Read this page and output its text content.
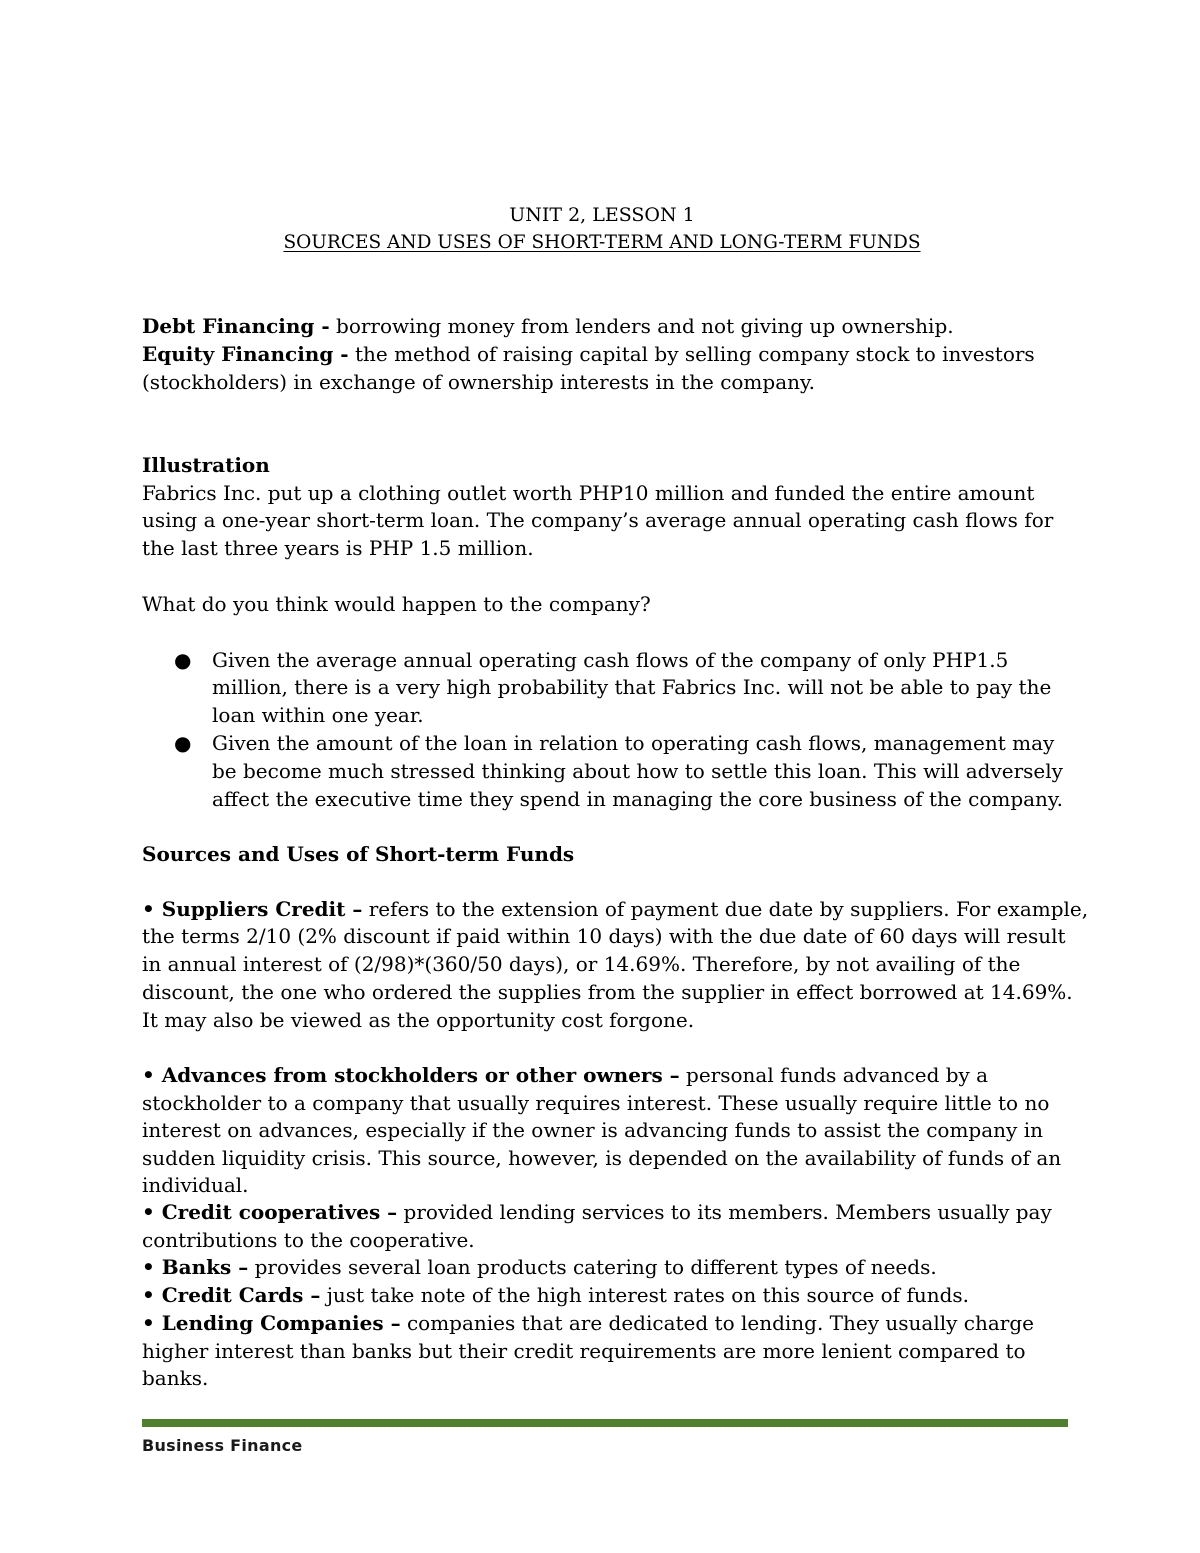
UNIT 2, LESSON 1
SOURCES AND USES OF SHORT-TERM AND LONG-TERM FUNDS
Debt Financing - borrowing money from lenders and not giving up ownership.
Equity Financing - the method of raising capital by selling company stock to investors
(stockholders) in exchange of ownership interests in the company.
Illustration
Fabrics Inc. put up a clothing outlet worth PHP10 million and funded the entire amount
using a one-year short-term loan. The company’s average annual operating cash flows for
the last three years is PHP 1.5 million.
What do you think would happen to the company?
● Given the average annual operating cash flows of the company of only PHP1.5
million, there is a very high probability that Fabrics Inc. will not be able to pay the
loan within one year.
● Given the amount of the loan in relation to operating cash flows, management may
be become much stressed thinking about how to settle this loan. This will adversely
affect the executive time they spend in managing the core business of the company.
Sources and Uses of Short-term Funds
• Suppliers Credit – refers to the extension of payment due date by suppliers. For example,
the terms 2/10 (2% discount if paid within 10 days) with the due date of 60 days will result
in annual interest of (2/98)*(360/50 days), or 14.69%. Therefore, by not availing of the
discount, the one who ordered the supplies from the supplier in effect borrowed at 14.69%.
It may also be viewed as the opportunity cost forgone.
• Advances from stockholders or other owners – personal funds advanced by a
stockholder to a company that usually requires interest. These usually require little to no
interest on advances, especially if the owner is advancing funds to assist the company in
sudden liquidity crisis. This source, however, is depended on the availability of funds of an
individual.
• Credit cooperatives – provided lending services to its members. Members usually pay
contributions to the cooperative.
• Banks – provides several loan products catering to different types of needs.
• Credit Cards – just take note of the high interest rates on this source of funds.
• Lending Companies – companies that are dedicated to lending. They usually charge
higher interest than banks but their credit requirements are more lenient compared to
banks.
Business Finance
